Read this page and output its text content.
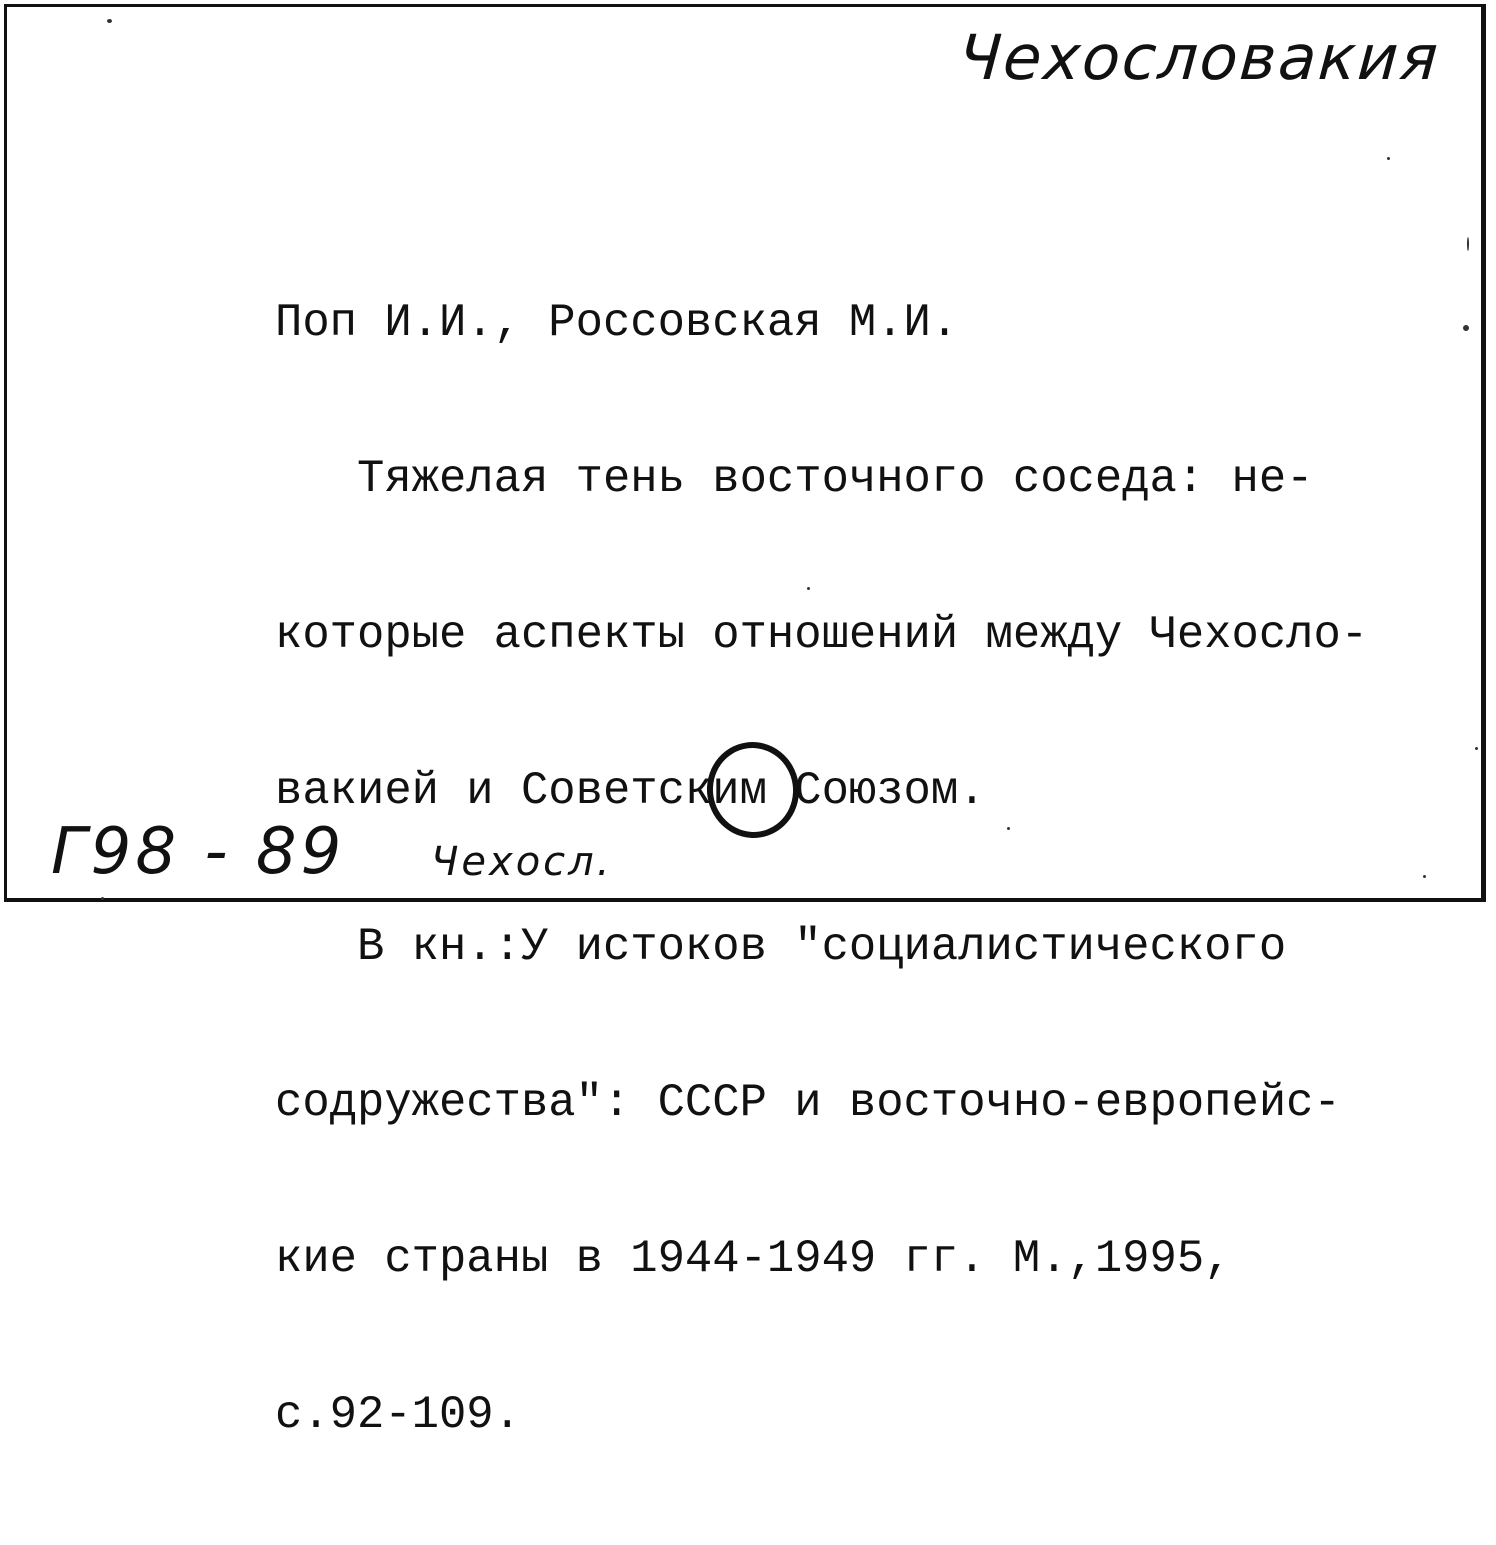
Чехословакия

Поп И.И., Россовская М.И.

Тяжелая тень восточного соседа: не-

которые аспекты отношений между Чехосло-

вакией и Советским Союзом.

В кн.:У истоков "социалистического

содружества": СССР и восточно-европейс-

кие страны в 1944-1949 гг. М.,1995,

с.92-109.

Г98 - 89 Чехосл.
